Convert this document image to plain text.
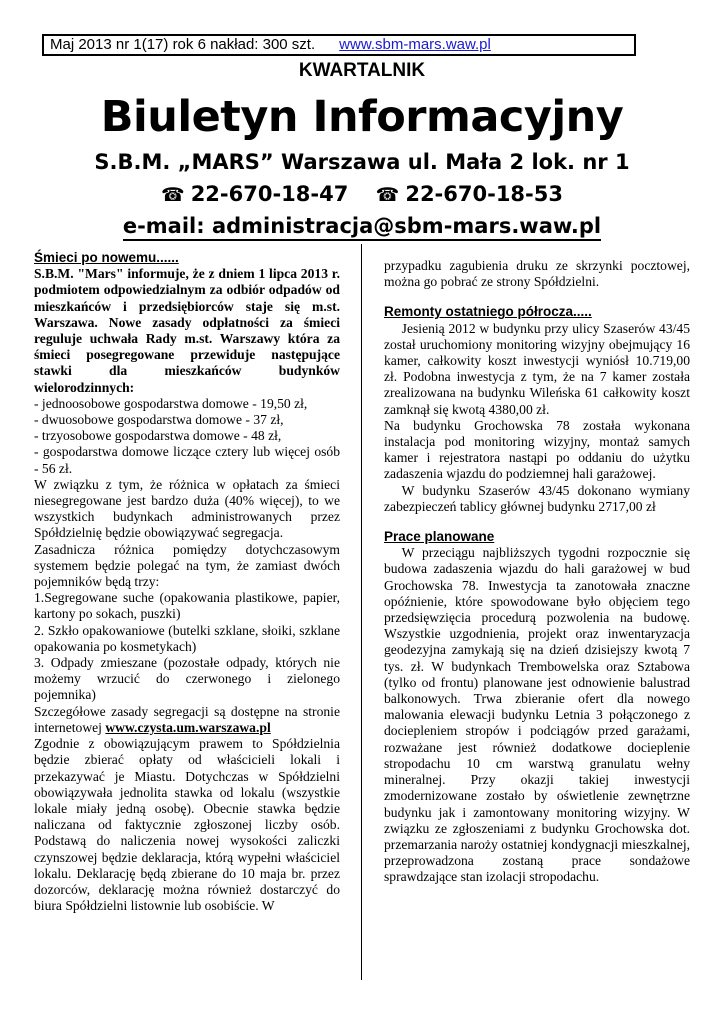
Maj 2013 nr 1(17) rok 6 nakład: 300 szt. www.sbm-mars.waw.pl
KWARTALNIK
Biuletyn Informacyjny
S.B.M. „MARS” Warszawa ul. Mała 2 lok. nr 1
☎ 22-670-18-47 ☎ 22-670-18-53
e-mail: administracja@sbm-mars.waw.pl

Śmieci po nowemu......

S.B.M. "Mars" informuje, że z dniem 1 lipca 2013 r. podmiotem odpowiedzialnym za odbiór odpadów od mieszkańców i przedsiębiorców staje się m.st. Warszawa. Nowe zasady odpłatności za śmieci reguluje uchwała Rady m.st. Warszawy która za śmieci posegregowane przewiduje następujące stawki dla mieszkańców budynków wielorodzinnych:

- jednoosobowe gospodarstwa domowe - 19,50 zł,

- dwuosobowe gospodarstwa domowe - 37 zł,

- trzyosobowe gospodarstwa domowe - 48 zł,

- gospodarstwa domowe liczące cztery lub więcej osób - 56 zł.

W związku z tym, że różnica w opłatach za śmieci niesegregowane jest bardzo duża (40% więcej), to we wszystkich budynkach administrowanych przez Spółdzielnię będzie obowiązywać segregacja.

Zasadnicza różnica pomiędzy dotychczasowym systemem będzie polegać na tym, że zamiast dwóch pojemników będą trzy:

1.Segregowane suche (opakowania plastikowe, papier, kartony po sokach, puszki)

2. Szkło opakowaniowe (butelki szklane, słoiki, szklane opakowania po kosmetykach)

3. Odpady zmieszane (pozostałe odpady, których nie możemy wrzucić do czerwonego i zielonego pojemnika)

Szczegółowe zasady segregacji są dostępne na stronie internetowej www.czysta.um.warszawa.pl

Zgodnie z obowiązującym prawem to Spółdzielnia będzie zbierać opłaty od właścicieli lokali i przekazywać je Miastu. Dotychczas w Spółdzielni obowiązywała jednolita stawka od lokalu (wszystkie lokale miały jedną osobę). Obecnie stawka będzie naliczana od faktycznie zgłoszonej liczby osób. Podstawą do naliczenia nowej wysokości zaliczki czynszowej będzie deklaracja, którą wypełni właściciel lokalu. Deklarację będą zbierane do 10 maja br. przez dozorców, deklarację można również dostarczyć do biura Spółdzielni listownie lub osobiście. W

przypadku zagubienia druku ze skrzynki pocztowej, można go pobrać ze strony Spółdzielni.

Remonty ostatniego półrocza.....

Jesienią 2012 w budynku przy ulicy Szaserów 43/45 został uruchomiony monitoring wizyjny obejmujący 16 kamer, całkowity koszt inwestycji wyniósł 10.719,00 zł. Podobna inwestycja z tym, że na 7 kamer została zrealizowana na budynku Wileńska 61 całkowity koszt zamknął się kwotą 4380,00 zł.

Na budynku Grochowska 78 została wykonana instalacja pod monitoring wizyjny, montaż samych kamer i rejestratora nastąpi po oddaniu do użytku zadaszenia wjazdu do podziemnej hali garażowej.

W budynku Szaserów 43/45 dokonano wymiany zabezpieczeń tablicy głównej budynku 2717,00 zł

Prace planowane

W przeciągu najbliższych tygodni rozpocznie się budowa zadaszenia wjazdu do hali garażowej w bud Grochowska 78. Inwestycja ta zanotowała znaczne opóźnienie, które spowodowane było objęciem tego przedsięwzięcia procedurą pozwolenia na budowę. Wszystkie uzgodnienia, projekt oraz inwentaryzacja geodezyjna zamykają się na dzień dzisiejszy kwotą 7 tys. zł. W budynkach Trembowelska oraz Sztabowa (tylko od frontu) planowane jest odnowienie balustrad balkonowych. Trwa zbieranie ofert dla nowego malowania elewacji budynku Letnia 3 połączonego z dociepleniem stropów i podciągów przed garażami, rozważane jest również dodatkowe docieplenie stropodachu 10 cm warstwą granulatu wełny mineralnej. Przy okazji takiej inwestycji zmodernizowane zostało by oświetlenie zewnętrzne budynku jak i zamontowany monitoring wizyjny. W związku ze zgłoszeniami z budynku Grochowska dot. przemarzania naroży ostatniej kondygnacji mieszkalnej, przeprowadzona zostaną prace sondażowe sprawdzające stan izolacji stropodachu.
